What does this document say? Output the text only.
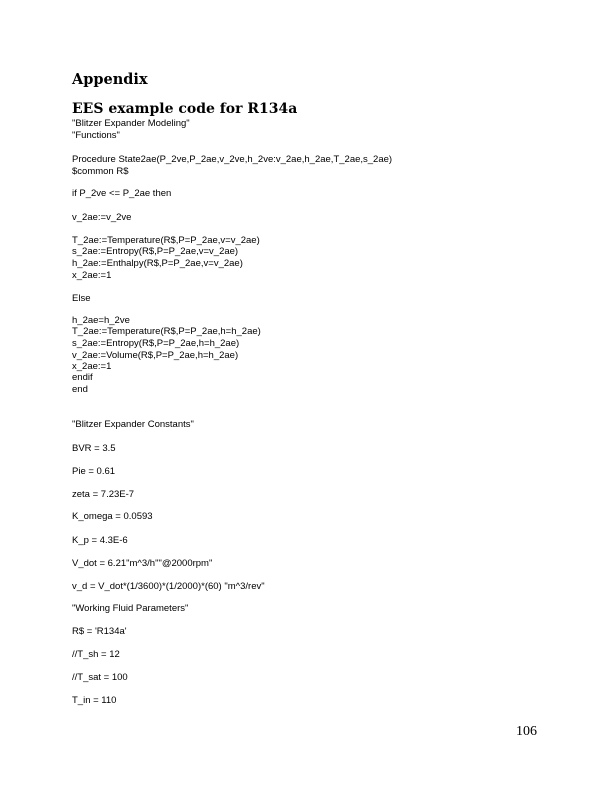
Appendix
EES example code for R134a
"Blitzer Expander Modeling"
"Functions"
Procedure State2ae(P_2ve,P_2ae,v_2ve,h_2ve:v_2ae,h_2ae,T_2ae,s_2ae)
$common R$
if P_2ve <= P_2ae then
v_2ae:=v_2ve
T_2ae:=Temperature(R$,P=P_2ae,v=v_2ae)
s_2ae:=Entropy(R$,P=P_2ae,v=v_2ae)
h_2ae:=Enthalpy(R$,P=P_2ae,v=v_2ae)
x_2ae:=1
Else
h_2ae=h_2ve
T_2ae:=Temperature(R$,P=P_2ae,h=h_2ae)
s_2ae:=Entropy(R$,P=P_2ae,h=h_2ae)
v_2ae:=Volume(R$,P=P_2ae,h=h_2ae)
x_2ae:=1
endif
end
"Blitzer Expander Constants"
BVR = 3.5
Pie = 0.61
zeta = 7.23E-7
K_omega = 0.0593
K_p = 4.3E-6
V_dot = 6.21"m^3/h""@2000rpm"
v_d = V_dot*(1/3600)*(1/2000)*(60) "m^3/rev"
"Working Fluid Parameters"
R$ = 'R134a'
//T_sh = 12
//T_sat = 100
T_in = 110
106
